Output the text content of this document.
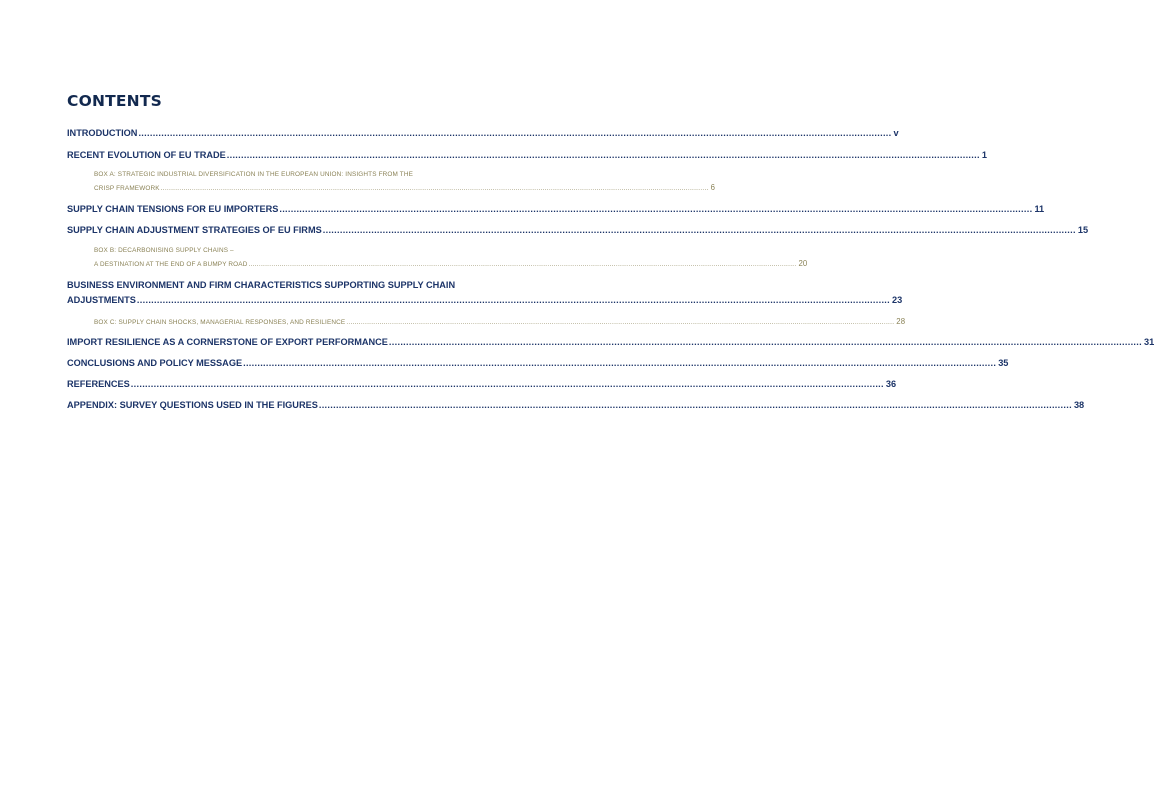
CONTENTS
INTRODUCTION .....	v
RECENT EVOLUTION OF EU TRADE .....	1
BOX A: STRATEGIC INDUSTRIAL DIVERSIFICATION IN THE EUROPEAN UNION: INSIGHTS FROM THE
CRISP FRAMEWORK .....	6
SUPPLY CHAIN TENSIONS FOR EU IMPORTERS .....	11
SUPPLY CHAIN ADJUSTMENT STRATEGIES OF EU FIRMS .....	15
BOX B: DECARBONISING SUPPLY CHAINS –
A DESTINATION AT THE END OF A BUMPY ROAD .....	20
BUSINESS ENVIRONMENT AND FIRM CHARACTERISTICS SUPPORTING SUPPLY CHAIN
ADJUSTMENTS .....	23
BOX C: SUPPLY CHAIN SHOCKS, MANAGERIAL RESPONSES, AND RESILIENCE .....	28
IMPORT RESILIENCE AS A CORNERSTONE OF EXPORT PERFORMANCE .....	31
CONCLUSIONS AND POLICY MESSAGE .....	35
REFERENCES .....	36
APPENDIX: SURVEY QUESTIONS USED IN THE FIGURES .....	38
